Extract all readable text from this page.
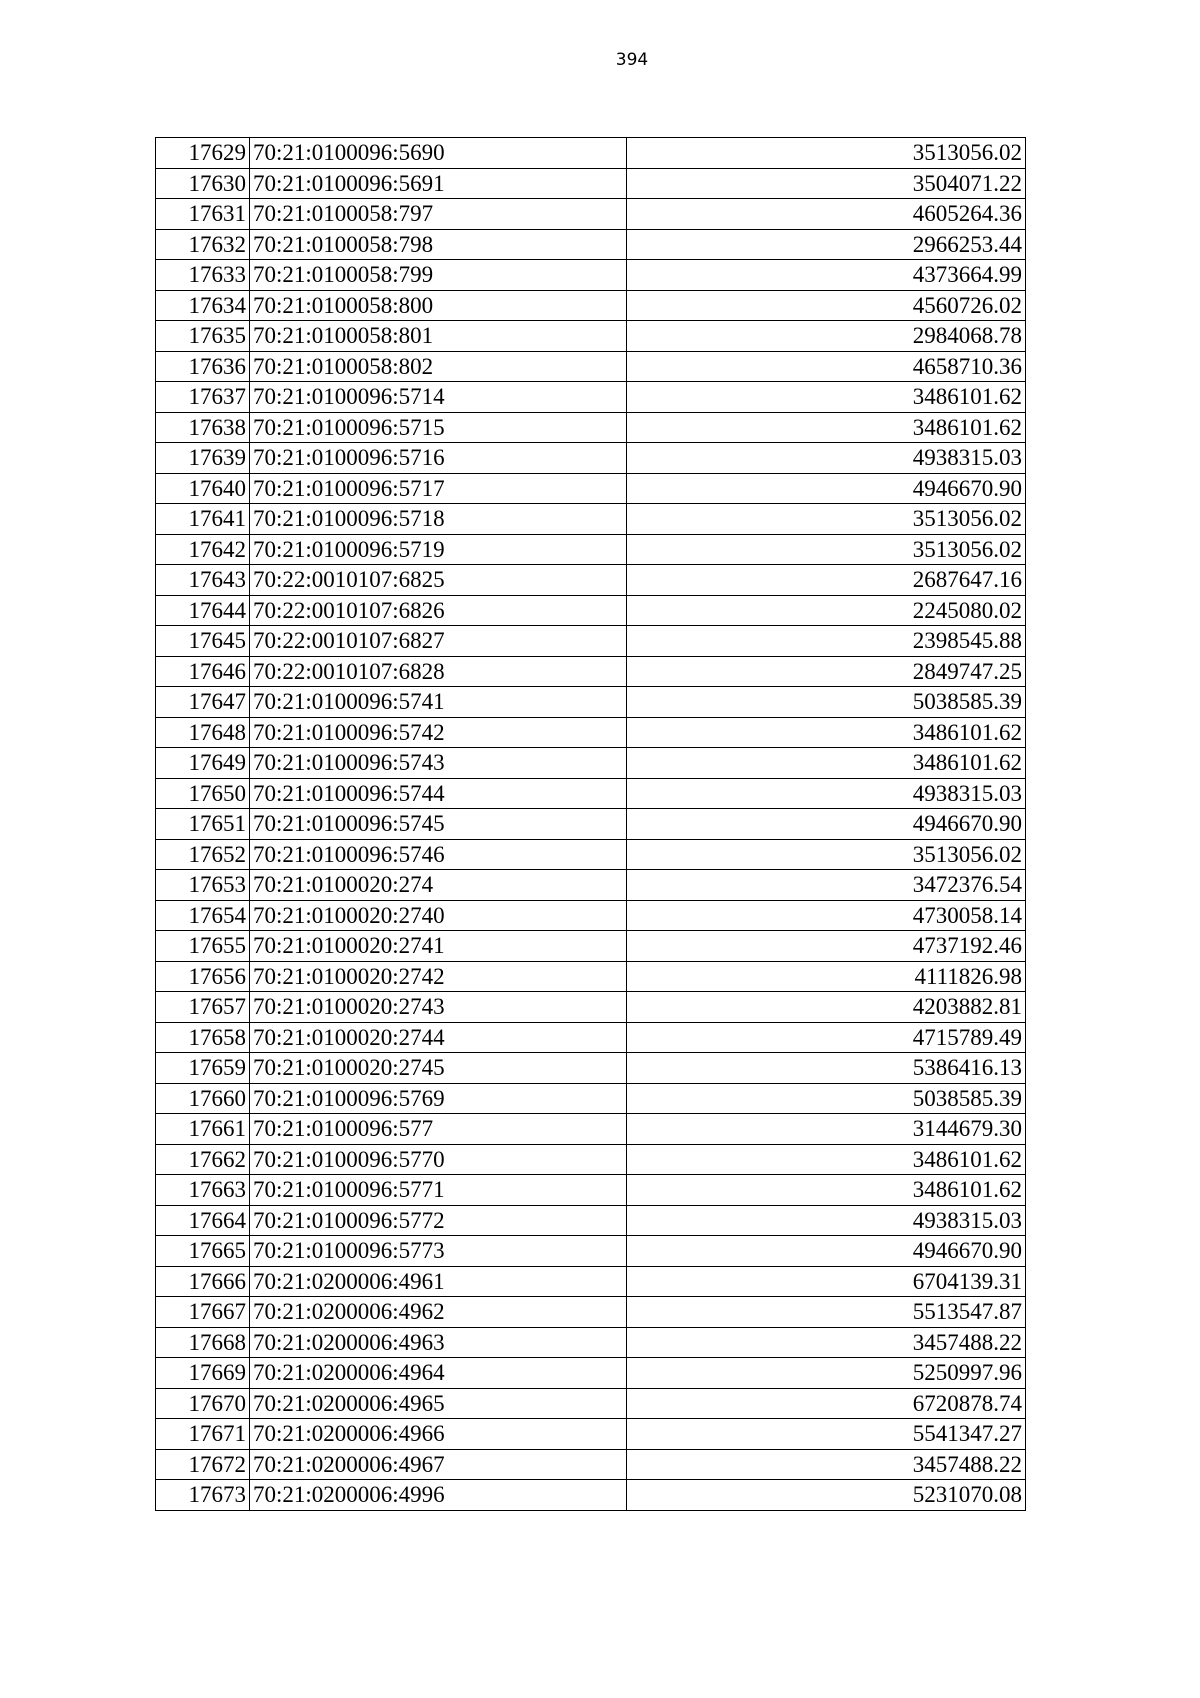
394
17629	70:21:0100096:5690	3513056.02
17630	70:21:0100096:5691	3504071.22
17631	70:21:0100058:797	4605264.36
17632	70:21:0100058:798	2966253.44
17633	70:21:0100058:799	4373664.99
17634	70:21:0100058:800	4560726.02
17635	70:21:0100058:801	2984068.78
17636	70:21:0100058:802	4658710.36
17637	70:21:0100096:5714	3486101.62
17638	70:21:0100096:5715	3486101.62
17639	70:21:0100096:5716	4938315.03
17640	70:21:0100096:5717	4946670.90
17641	70:21:0100096:5718	3513056.02
17642	70:21:0100096:5719	3513056.02
17643	70:22:0010107:6825	2687647.16
17644	70:22:0010107:6826	2245080.02
17645	70:22:0010107:6827	2398545.88
17646	70:22:0010107:6828	2849747.25
17647	70:21:0100096:5741	5038585.39
17648	70:21:0100096:5742	3486101.62
17649	70:21:0100096:5743	3486101.62
17650	70:21:0100096:5744	4938315.03
17651	70:21:0100096:5745	4946670.90
17652	70:21:0100096:5746	3513056.02
17653	70:21:0100020:274	3472376.54
17654	70:21:0100020:2740	4730058.14
17655	70:21:0100020:2741	4737192.46
17656	70:21:0100020:2742	4111826.98
17657	70:21:0100020:2743	4203882.81
17658	70:21:0100020:2744	4715789.49
17659	70:21:0100020:2745	5386416.13
17660	70:21:0100096:5769	5038585.39
17661	70:21:0100096:577	3144679.30
17662	70:21:0100096:5770	3486101.62
17663	70:21:0100096:5771	3486101.62
17664	70:21:0100096:5772	4938315.03
17665	70:21:0100096:5773	4946670.90
17666	70:21:0200006:4961	6704139.31
17667	70:21:0200006:4962	5513547.87
17668	70:21:0200006:4963	3457488.22
17669	70:21:0200006:4964	5250997.96
17670	70:21:0200006:4965	6720878.74
17671	70:21:0200006:4966	5541347.27
17672	70:21:0200006:4967	3457488.22
17673	70:21:0200006:4996	5231070.08
